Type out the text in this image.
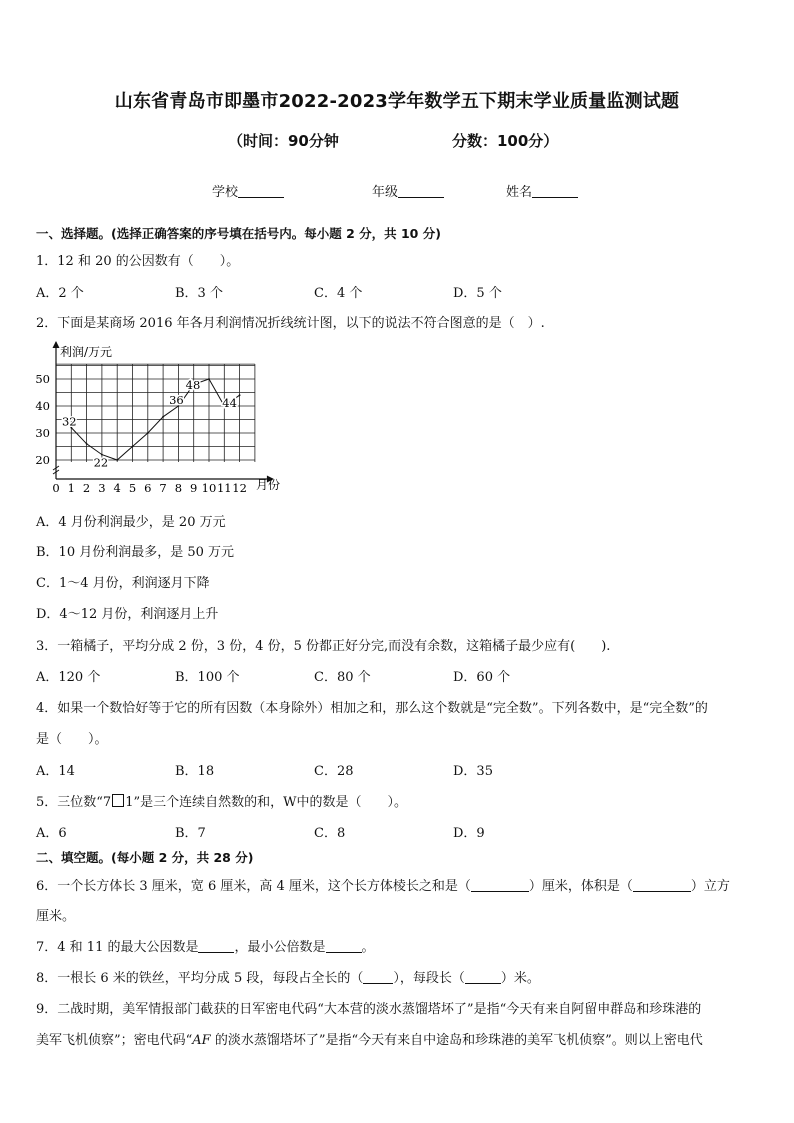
山东省青岛市即墨市2022-2023学年数学五下期末学业质量监测试题
（时间：90分钟	分数：100分）
学校	年级	姓名
一、选择题。(选择正确答案的序号填在括号内。每小题 2 分，共 10 分)
1．12 和 20 的公因数有（　　）。
A．2 个	B．3 个	C．4 个	D．5 个
2．下面是某商场 2016 年各月利润情况折线统计图，以下的说法不符合图意的是（　）.
0 1 2 3 4 5 6 7 8 9 10 11 12
20
30
40
50
32
22
36
48
44
利润/万元
月份
A．4 月份利润最少，是 20 万元
B．10 月份利润最多，是 50 万元
C．1～4 月份，利润逐月下降
D．4～12 月份，利润逐月上升
3．一箱橘子，平均分成 2 份，3 份，4 份，5 份都正好分完,而没有余数，这箱橘子最少应有(　　).
A．120 个	B．100 个	C．80 个	D．60 个
4．如果一个数恰好等于它的所有因数（本身除外）相加之和，那么这个数就是“完全数”。下列各数中，是“完全数”的
是（　　）。
A．14	B．18	C．28	D．35
5．三位数“7 1”是三个连续自然数的和，W中的数是（　　）。
A．6	B．7	C．8	D．9
二、填空题。(每小题 2 分，共 28 分)
6．一个长方体长 3 厘米，宽 6 厘米，高 4 厘米，这个长方体棱长之和是（	）厘米，体积是（	）立方
厘米。
7．4 和 11 的最大公因数是	，最小公倍数是	。
8．一根长 6 米的铁丝，平均分成 5 段，每段占全长的（ ），每段长（	）米。
9．二战时期，美军情报部门截获的日军密电代码“大本营的淡水蒸馏塔坏了”是指“今天有来自阿留申群岛和珍珠港的
美军飞机侦察”；密电代码“AF 的淡水蒸馏塔坏了”是指“今天有来自中途岛和珍珠港的美军飞机侦察”。则以上密电代
